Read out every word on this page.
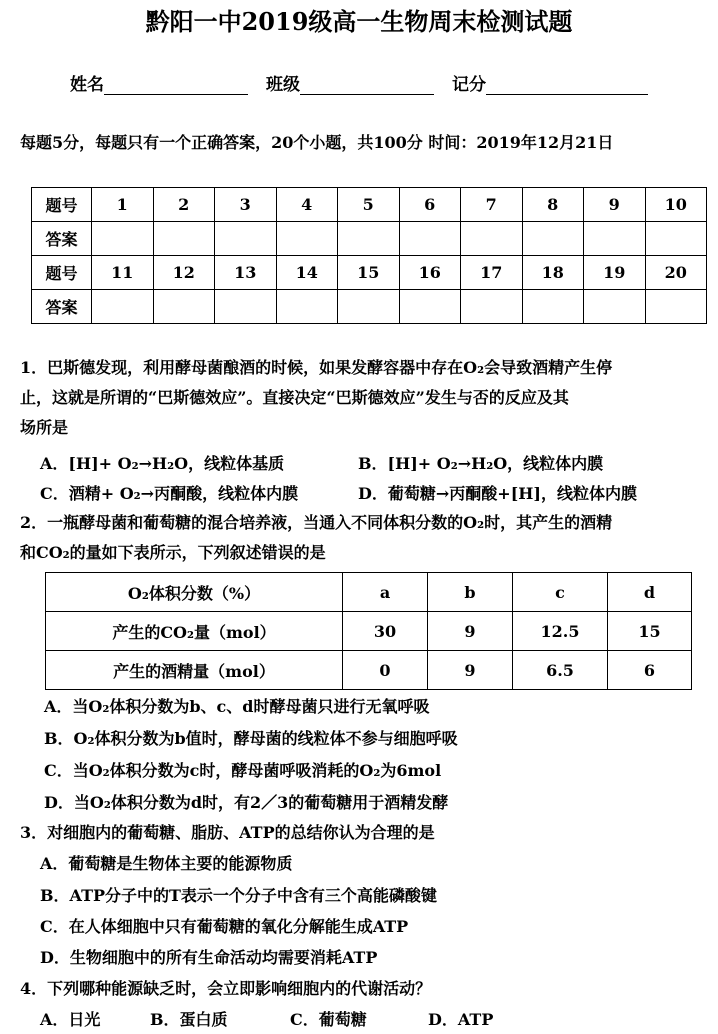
黔阳一中2019级高一生物周末检测试题
姓名	班级	记分
每题5分，每题只有一个正确答案，20个小题，共100分 时间：2019年12月21日
题号	1	2	3	4	5	6	7	8	9	10
答案										
题号	11	12	13	14	15	16	17	18	19	20
答案										
1．巴斯德发现，利用酵母菌酿酒的时候，如果发酵容器中存在O₂会导致酒精产生停
止，这就是所谓的“巴斯德效应”。直接决定“巴斯德效应”发生与否的反应及其
场所是
A．[H]+ O₂→H₂O，线粒体基质	B．[H]+ O₂→H₂O，线粒体内膜
C．酒精+ O₂→丙酮酸，线粒体内膜	D．葡萄糖→丙酮酸+[H]，线粒体内膜
2．一瓶酵母菌和葡萄糖的混合培养液，当通入不同体积分数的O₂时，其产生的酒精
和CO₂的量如下表所示，下列叙述错误的是
O₂体积分数（%）	a	b	c	d
产生的CO₂量（mol）	30	9	12.5	15
产生的酒精量（mol）	0	9	6.5	6
A．当O₂体积分数为b、c、d时酵母菌只进行无氧呼吸
B．O₂体积分数为b值时，酵母菌的线粒体不参与细胞呼吸
C．当O₂体积分数为c时，酵母菌呼吸消耗的O₂为6mol
D．当O₂体积分数为d时，有2／3的葡萄糖用于酒精发酵
3．对细胞内的葡萄糖、脂肪、ATP的总结你认为合理的是
A．葡萄糖是生物体主要的能源物质
B．ATP分子中的T表示一个分子中含有三个高能磷酸键
C．在人体细胞中只有葡萄糖的氧化分解能生成ATP
D．生物细胞中的所有生命活动均需要消耗ATP
4．下列哪种能源缺乏时，会立即影响细胞内的代谢活动？
A．日光	B．蛋白质	C．葡萄糖	D．ATP
